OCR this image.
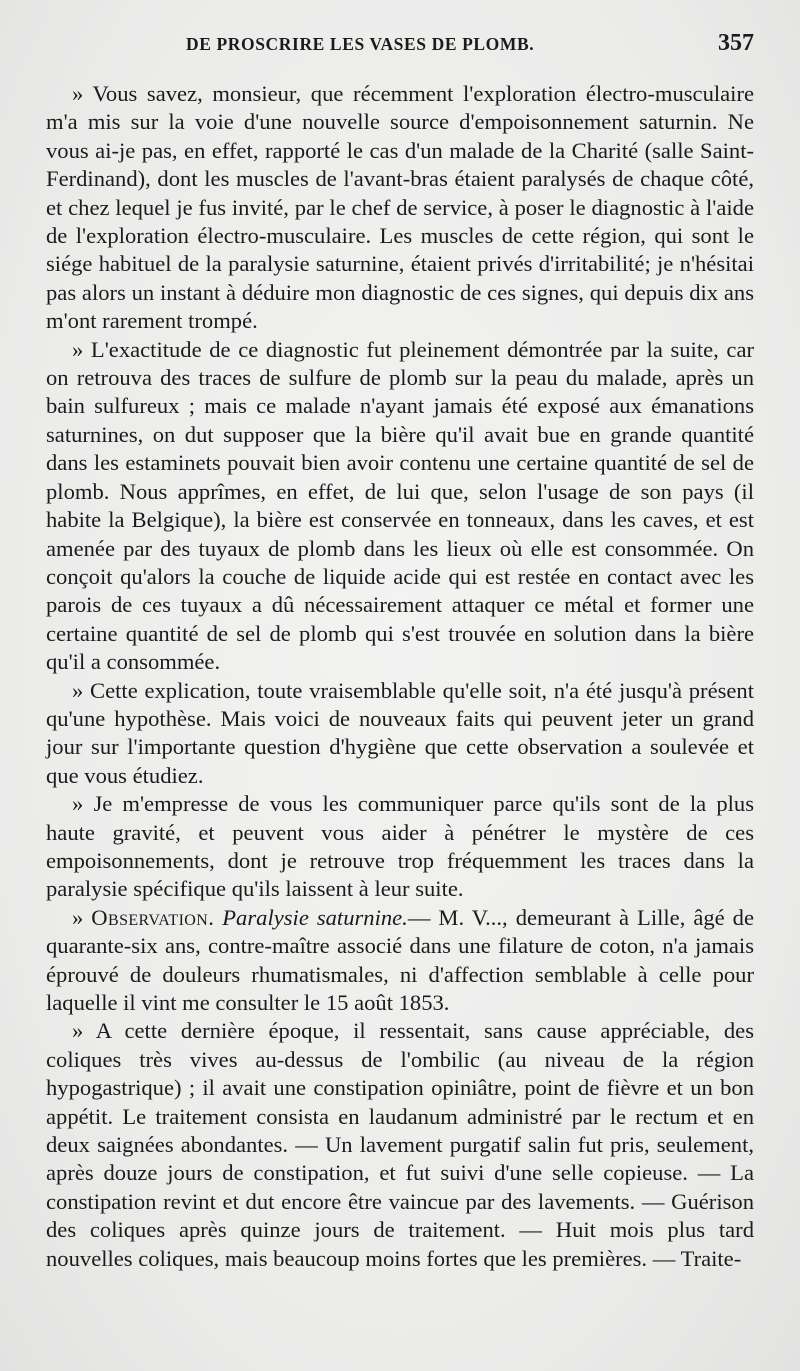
DE PROSCRIRE LES VASES DE PLOMB.	357

» Vous savez, monsieur, que récemment l'exploration électro-musculaire m'a mis sur la voie d'une nouvelle source d'empoisonnement saturnin. Ne vous ai-je pas, en effet, rapporté le cas d'un malade de la Charité (salle Saint-Ferdinand), dont les muscles de l'avant-bras étaient paralysés de chaque côté, et chez lequel je fus invité, par le chef de service, à poser le diagnostic à l'aide de l'exploration électro-musculaire. Les muscles de cette région, qui sont le siége habituel de la paralysie saturnine, étaient privés d'irritabilité; je n'hésitai pas alors un instant à déduire mon diagnostic de ces signes, qui depuis dix ans m'ont rarement trompé.

» L'exactitude de ce diagnostic fut pleinement démontrée par la suite, car on retrouva des traces de sulfure de plomb sur la peau du malade, après un bain sulfureux ; mais ce malade n'ayant jamais été exposé aux émanations saturnines, on dut supposer que la bière qu'il avait bue en grande quantité dans les estaminets pouvait bien avoir contenu une certaine quantité de sel de plomb. Nous apprîmes, en effet, de lui que, selon l'usage de son pays (il habite la Belgique), la bière est conservée en tonneaux, dans les caves, et est amenée par des tuyaux de plomb dans les lieux où elle est consommée. On conçoit qu'alors la couche de liquide acide qui est restée en contact avec les parois de ces tuyaux a dû nécessairement attaquer ce métal et former une certaine quantité de sel de plomb qui s'est trouvée en solution dans la bière qu'il a consommée.

» Cette explication, toute vraisemblable qu'elle soit, n'a été jusqu'à présent qu'une hypothèse. Mais voici de nouveaux faits qui peuvent jeter un grand jour sur l'importante question d'hygiène que cette observation a soulevée et que vous étudiez.

» Je m'empresse de vous les communiquer parce qu'ils sont de la plus haute gravité, et peuvent vous aider à pénétrer le mystère de ces empoisonnements, dont je retrouve trop fréquemment les traces dans la paralysie spécifique qu'ils laissent à leur suite.

» Observation. Paralysie saturnine.— M. V..., demeurant à Lille, âgé de quarante-six ans, contre-maître associé dans une filature de coton, n'a jamais éprouvé de douleurs rhumatismales, ni d'affection semblable à celle pour laquelle il vint me consulter le 15 août 1853.

» A cette dernière époque, il ressentait, sans cause appréciable, des coliques très vives au-dessus de l'ombilic (au niveau de la région hypogastrique) ; il avait une constipation opiniâtre, point de fièvre et un bon appétit. Le traitement consista en laudanum administré par le rectum et en deux saignées abondantes. — Un lavement purgatif salin fut pris, seulement, après douze jours de constipation, et fut suivi d'une selle copieuse. — La constipation revint et dut encore être vaincue par des lavements. — Guérison des coliques après quinze jours de traitement. — Huit mois plus tard nouvelles coliques, mais beaucoup moins fortes que les premières. — Traite-
